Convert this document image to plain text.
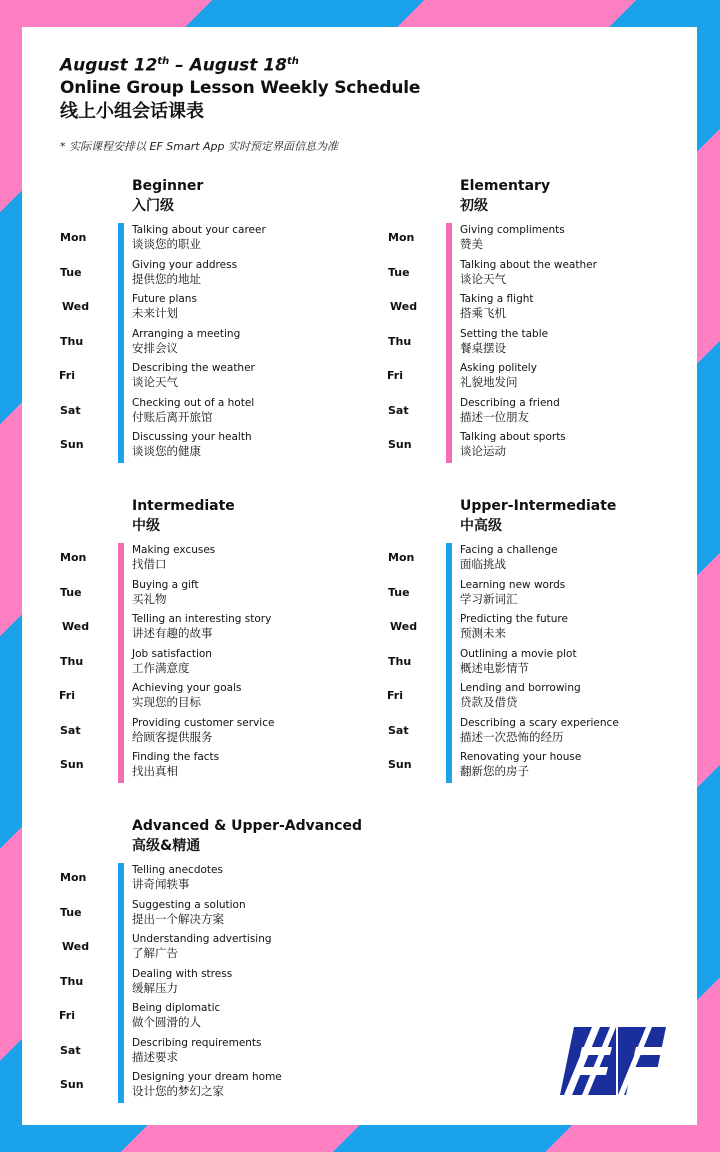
August 12th – August 18th
Online Group Lesson Weekly Schedule
线上小组会话课表
* 实际课程安排以 EF Smart App 实时预定界面信息为准
Beginner
入门级
Mon
Talking about your career
谈谈您的职业
Tue
Giving your address
提供您的地址
Wed
Future plans
未来计划
Thu
Arranging a meeting
安排会议
Fri
Describing the weather
谈论天气
Sat
Checking out of a hotel
付账后离开旅馆
Sun
Discussing your health
谈谈您的健康
Elementary
初级
Mon
Giving compliments
赞美
Tue
Talking about the weather
谈论天气
Wed
Taking a flight
搭乘飞机
Thu
Setting the table
餐桌摆设
Fri
Asking politely
礼貌地发问
Sat
Describing a friend
描述一位朋友
Sun
Talking about sports
谈论运动
Intermediate
中级
Mon
Making excuses
找借口
Tue
Buying a gift
买礼物
Wed
Telling an interesting story
讲述有趣的故事
Thu
Job satisfaction
工作满意度
Fri
Achieving your goals
实现您的目标
Sat
Providing customer service
给顾客提供服务
Sun
Finding the facts
找出真相
Upper-Intermediate
中高级
Mon
Facing a challenge
面临挑战
Tue
Learning new words
学习新词汇
Wed
Predicting the future
预测未来
Thu
Outlining a movie plot
概述电影情节
Fri
Lending and borrowing
贷款及借贷
Sat
Describing a scary experience
描述一次恐怖的经历
Sun
Renovating your house
翻新您的房子
Advanced & Upper-Advanced
高级&精通
Mon
Telling anecdotes
讲奇闻轶事
Tue
Suggesting a solution
提出一个解决方案
Wed
Understanding advertising
了解广告
Thu
Dealing with stress
缓解压力
Fri
Being diplomatic
做个圆滑的人
Sat
Describing requirements
描述要求
Sun
Designing your dream home
设计您的梦幻之家
